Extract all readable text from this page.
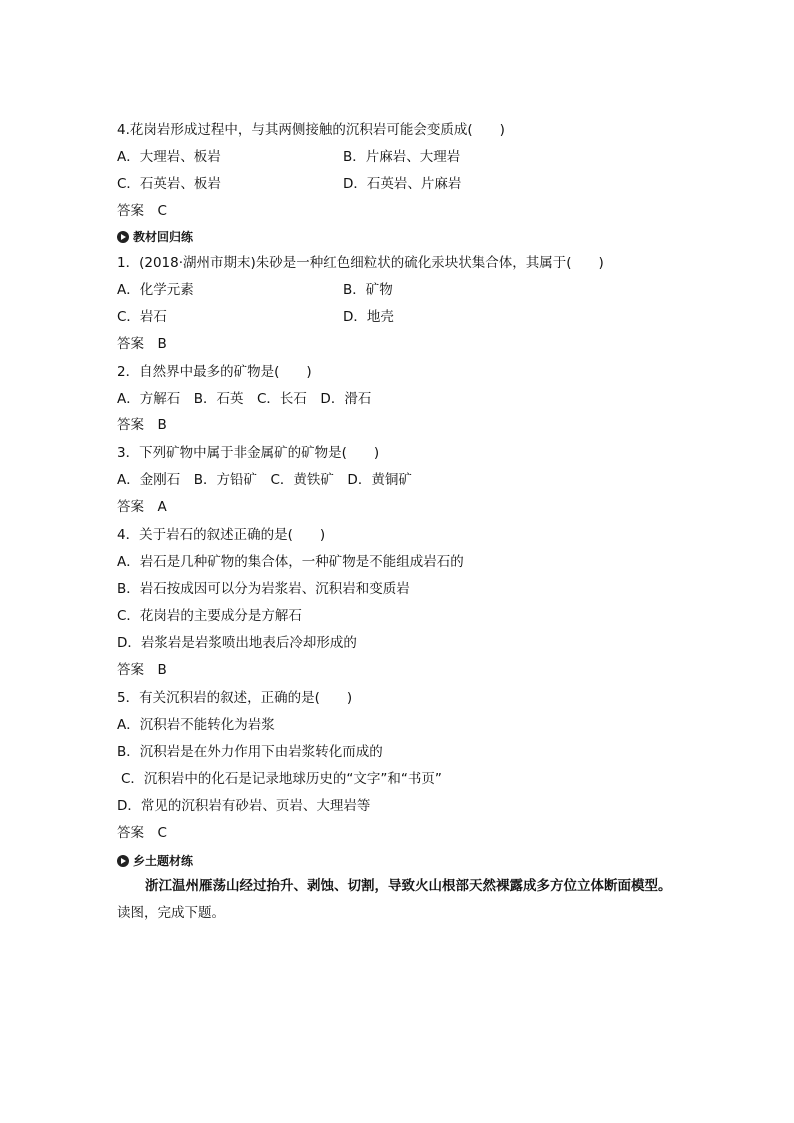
4.花岗岩形成过程中，与其两侧接触的沉积岩可能会变质成(　　)
A．大理岩、板岩	B．片麻岩、大理岩
C．石英岩、板岩	D．石英岩、片麻岩
答案　C
教材回归练
1．(2018·湖州市期末)朱砂是一种红色细粒状的硫化汞块状集合体，其属于(　　)
A．化学元素	B．矿物
C．岩石	D．地壳
答案　B
2．自然界中最多的矿物是(　　)
A．方解石　B．石英　C．长石　D．滑石
答案　B
3．下列矿物中属于非金属矿的矿物是(　　)
A．金刚石　B．方铅矿　C．黄铁矿　D．黄铜矿
答案　A
4．关于岩石的叙述正确的是(　　)
A．岩石是几种矿物的集合体，一种矿物是不能组成岩石的
B．岩石按成因可以分为岩浆岩、沉积岩和变质岩
C．花岗岩的主要成分是方解石
D．岩浆岩是岩浆喷出地表后冷却形成的
答案　B
5．有关沉积岩的叙述，正确的是(　　)
A．沉积岩不能转化为岩浆
B．沉积岩是在外力作用下由岩浆转化而成的
C．沉积岩中的化石是记录地球历史的“文字”和“书页”
D．常见的沉积岩有砂岩、页岩、大理岩等
答案　C
乡土题材练
浙江温州雁荡山经过抬升、剥蚀、切割，导致火山根部天然裸露成多方位立体断面模型。
读图，完成下题。
